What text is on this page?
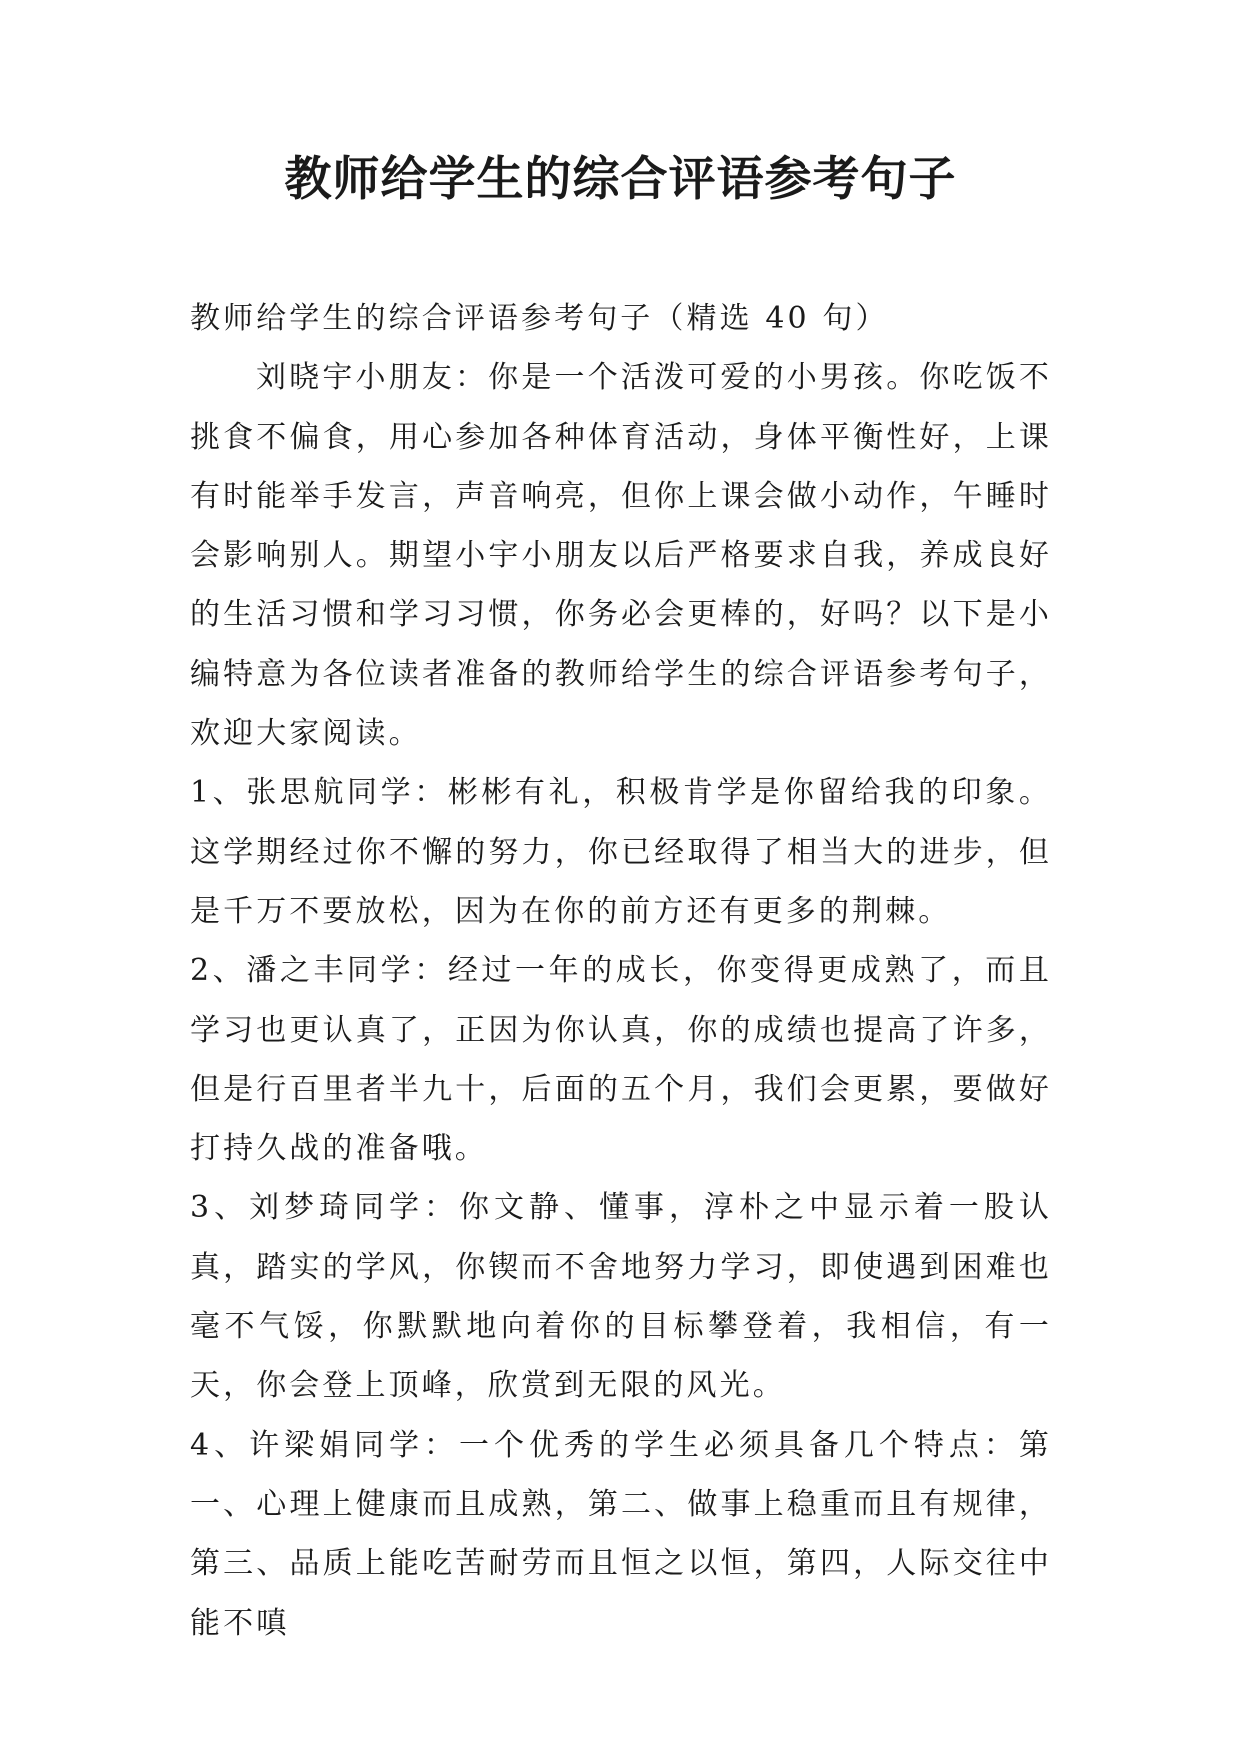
教师给学生的综合评语参考句子

教师给学生的综合评语参考句子（精选 40 句）

刘晓宇小朋友：你是一个活泼可爱的小男孩。你吃饭不挑食不偏食，用心参加各种体育活动，身体平衡性好，上课有时能举手发言，声音响亮，但你上课会做小动作，午睡时会影响别人。期望小宇小朋友以后严格要求自我，养成良好的生活习惯和学习习惯，你务必会更棒的，好吗？以下是小编特意为各位读者准备的教师给学生的综合评语参考句子，欢迎大家阅读。

1、张思航同学：彬彬有礼，积极肯学是你留给我的印象。这学期经过你不懈的努力，你已经取得了相当大的进步，但是千万不要放松，因为在你的前方还有更多的荆棘。

2、潘之丰同学：经过一年的成长，你变得更成熟了，而且学习也更认真了，正因为你认真，你的成绩也提高了许多，但是行百里者半九十，后面的五个月，我们会更累，要做好打持久战的准备哦。

3、刘梦琦同学：你文静、懂事，淳朴之中显示着一股认真，踏实的学风，你锲而不舍地努力学习，即使遇到困难也毫不气馁，你默默地向着你的目标攀登着，我相信，有一天，你会登上顶峰，欣赏到无限的风光。

4、许梁娟同学：一个优秀的学生必须具备几个特点：第一、心理上健康而且成熟，第二、做事上稳重而且有规律，第三、品质上能吃苦耐劳而且恒之以恒，第四，人际交往中能不嗔
